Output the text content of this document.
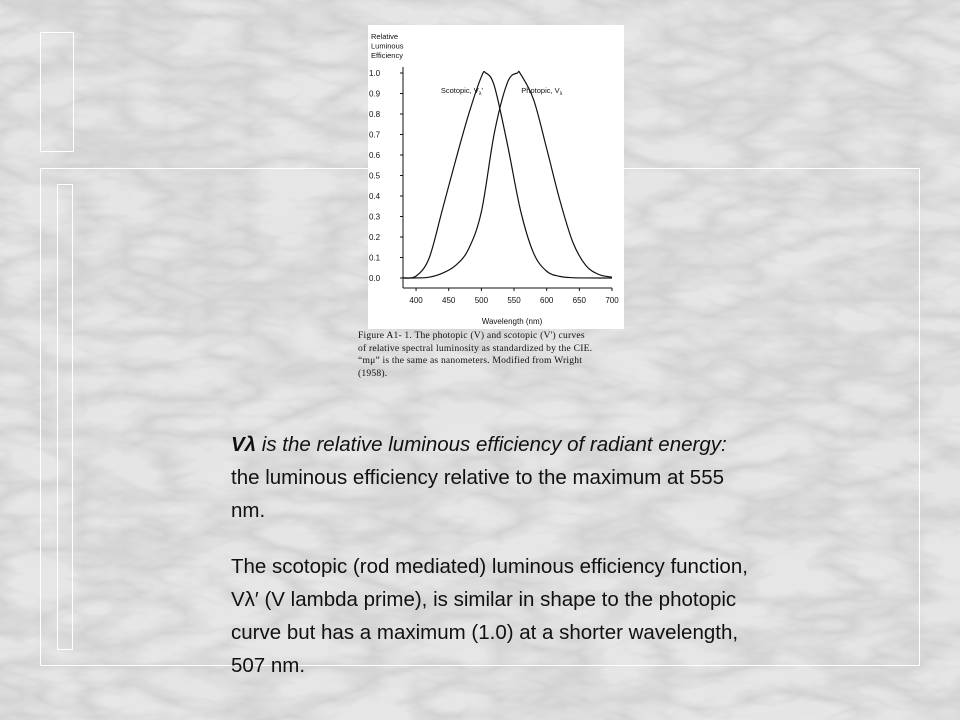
Relative
Luminous
Efficiency
0.0
0.1
0.2
0.3
0.4
0.5
0.6
0.7
0.8
0.9
1.0
400 450 500 550 600 650 700
Scotopic, $V_\lambda'$	Photopic, $V_\lambda$
Wavelength (nm)
Figure A1- 1. The photopic (V) and scotopic (V') curves
of relative spectral luminosity as standardized by the CIE.
“mμ” is the same as nanometers. Modified from Wright
(1958).

Vλ is the relative luminous efficiency of radiant energy:

the luminous efficiency relative to the maximum at 555

nm.

The scotopic (rod mediated) luminous efficiency function,

Vλ′ (V lambda prime), is similar in shape to the photopic

curve but has a maximum (1.0) at a shorter wavelength,

507 nm.
